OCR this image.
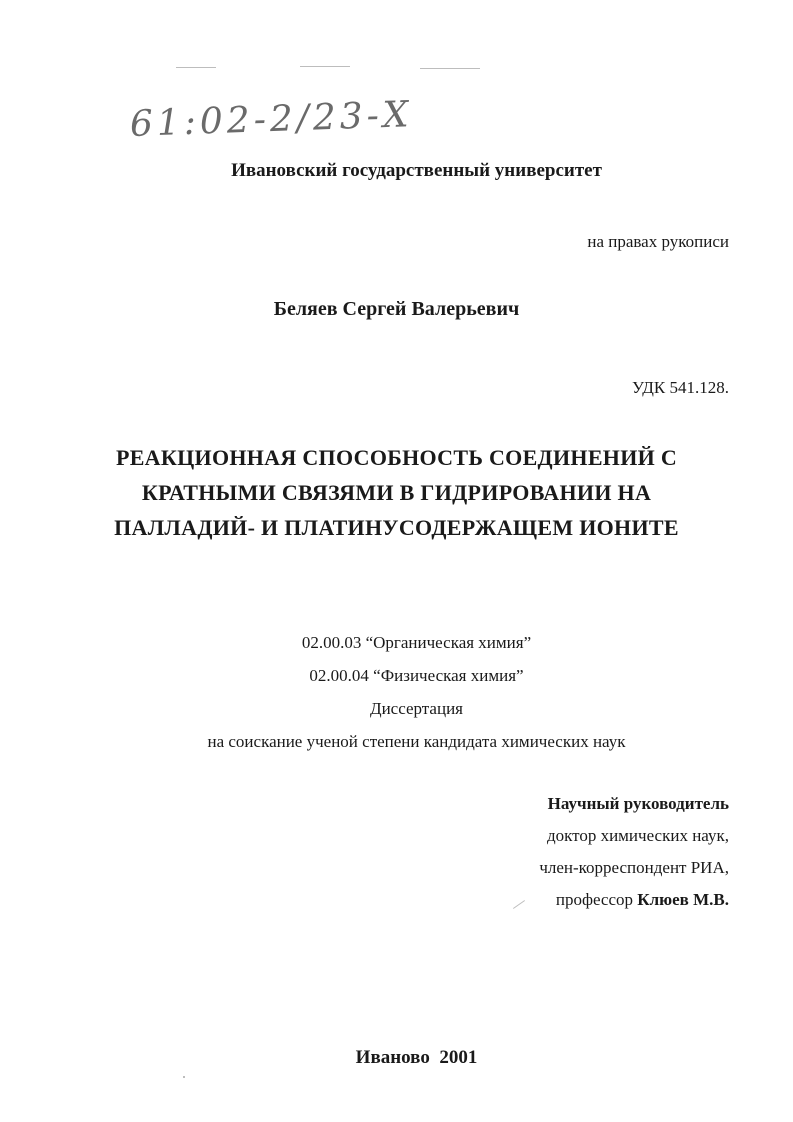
61:02-2/23-Х
Ивановский государственный университет
на правах рукописи
Беляев Сергей Валерьевич
УДК 541.128.
РЕАКЦИОННАЯ СПОСОБНОСТЬ СОЕДИНЕНИЙ С
КРАТНЫМИ СВЯЗЯМИ В ГИДРИРОВАНИИ НА
ПАЛЛАДИЙ- И ПЛАТИНУСОДЕРЖАЩЕМ ИОНИТЕ
02.00.03 “Органическая химия”
02.00.04 “Физическая химия”
Диссертация
на соискание ученой степени кандидата химических наук
Научный руководитель
доктор химических наук,
член-корреспондент РИА,
профессор Клюев М.В.
Иваново  2001
